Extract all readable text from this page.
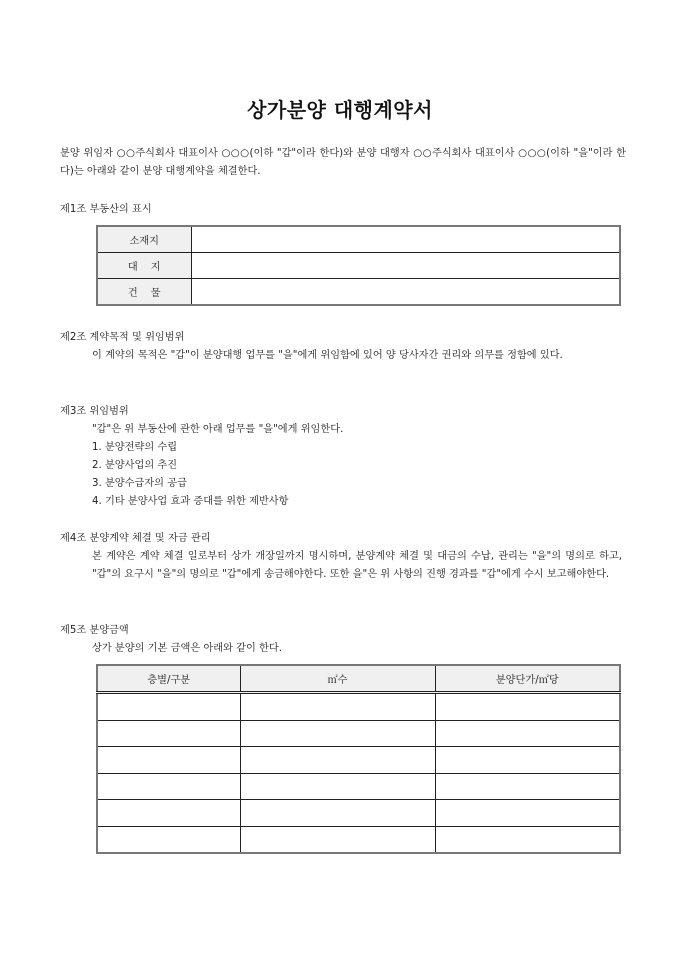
상가분양 대행계약서
분양 위임자 ○○주식회사 대표이사 ○○○(이하 "갑"이라 한다)와 분양 대행자 ○○주식회사 대표이사 ○○○(이하 "을"이라 한다)는 아래와 같이 분양 대행계약을 체결한다.
제1조 부동산의 표시
소재지	
대    지	
건    물	
제2조 계약목적 및 위임범위
이 계약의 목적은 "갑"이 분양대행 업무를 "을"에게 위임함에 있어 양 당사자간 권리와 의무를 정함에 있다.
제3조 위임범위
"갑"은 위 부동산에 관한 아래 업무를 "을"에게 위임한다.
1. 분양전략의 수립
2. 분양사업의 추진
3. 분양수급자의 공급
4. 기타 분양사업 효과 증대를 위한 제반사항
제4조 분양계약 체결 및 자금 관리
본 계약은 계약 체결 일로부터 상가 개장일까지 명시하며, 분양계약 체결 및 대금의 수납, 관리는 "을"의 명의로 하고, "갑"의 요구시 "을"의 명의로 "갑"에게 송금해야한다. 또한 을"은 위 사항의 진행 경과를 "갑"에게 수시 보고해야한다.
제5조 분양금액
상가 분양의 기본 금액은 아래와 같이 한다.
층별/구분	㎡수	분양단가/㎡당
